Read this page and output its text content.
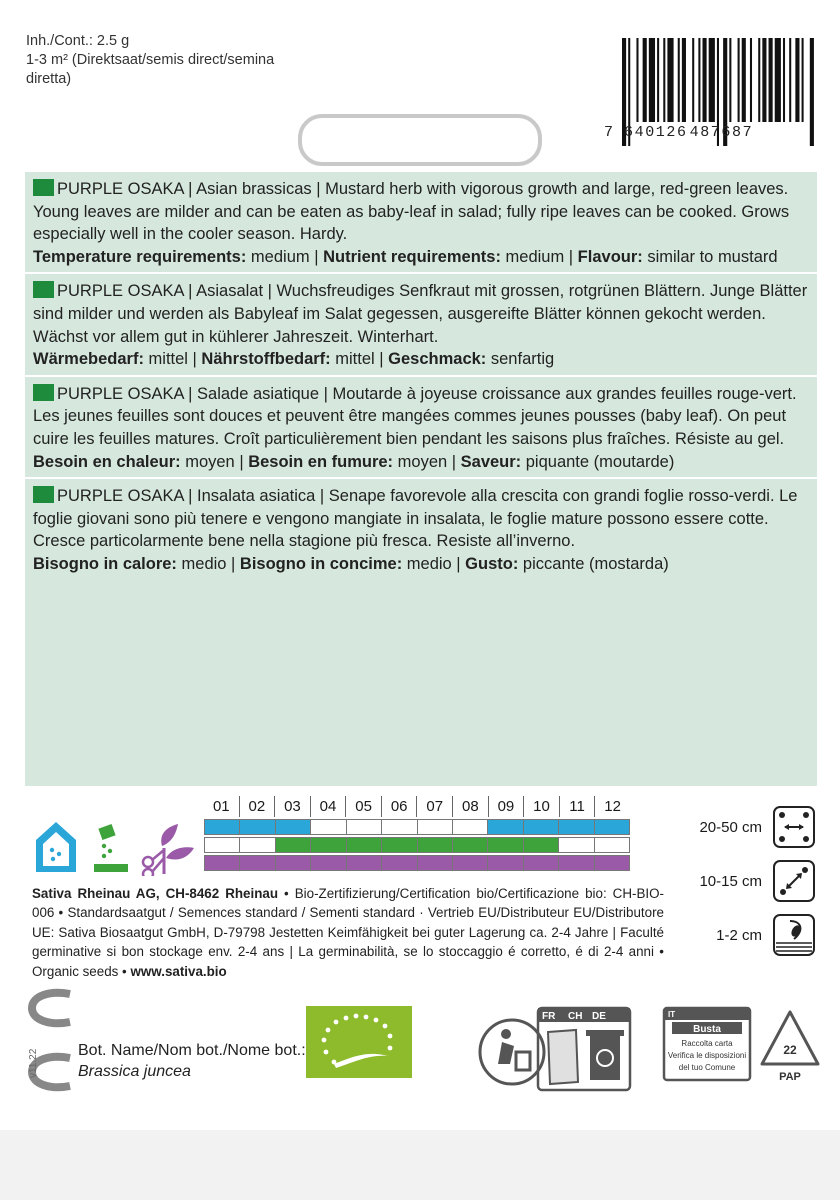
Inh./Cont.: 2.5 g
1-3 m² (Direktsaat/semis direct/semina diretta)
7 640126 487687
PURPLE OSAKA | Asian brassicas | Mustard herb with vigorous growth and large, red-green leaves. Young leaves are milder and can be eaten as baby-leaf in salad; fully ripe leaves can be cooked. Grows especially well in the cooler season. Hardy.
Temperature requirements: medium | Nutrient requirements: medium | Flavour: similar to mustard
PURPLE OSAKA | Asiasalat | Wuchsfreudiges Senfkraut mit grossen, rotgrünen Blättern. Junge Blätter sind milder und werden als Babyleaf im Salat gegessen, ausgereifte Blätter können gekocht werden. Wächst vor allem gut in kühlerer Jahreszeit. Winterhart.
Wärmebedarf: mittel | Nährstoffbedarf: mittel | Geschmack: senfartig
PURPLE OSAKA | Salade asiatique | Moutarde à joyeuse croissance aux grandes feuilles rouge-vert. Les jeunes feuilles sont douces et peuvent être mangées commes jeunes pousses (baby leaf). On peut cuire les feuilles matures. Croît particulièrement bien pendant les saisons plus fraîches. Résiste au gel.
Besoin en chaleur: moyen | Besoin en fumure: moyen | Saveur: piquante (moutarde)
PURPLE OSAKA | Insalata asiatica | Senape favorevole alla crescita con grandi foglie rosso-verdi. Le foglie giovani sono più tenere e vengono mangiate in insalata, le foglie mature possono essere cotte. Cresce particolarmente bene nella stagione più fresca. Resiste all’inverno.
Bisogno in calore: medio | Bisogno in concime: medio | Gusto: piccante (mostarda)
01	02	03	04	05	06	07	08	09	10	11	12
20-50 cm
10-15 cm
1-2 cm
Sativa Rheinau AG, CH-8462 Rheinau • Bio-Zertifizierung/Certification bio/Certificazione bio: CH-BIO-006 • Standardsaatgut / Semences standard / Sementi standard · Vertrieb EU/Distributeur EU/Distributore UE: Sativa Biosaatgut GmbH, D-79798 Jestetten Keimfähigkeit bei guter Lagerung ca. 2-4 Jahre | Faculté germinative si bon stockage env. 2-4 ans | La germinabilità, se lo stoccaggio é corretto, é di 2-4 anni • Organic seeds • www.sativa.bio
v11.22 Bot. Name/Nom bot./Nome bot.:
Brassica juncea
FR CH DE	IT
Busta
Raccolta carta
Verifica le disposizioni
del tuo Comune
22
PAP
